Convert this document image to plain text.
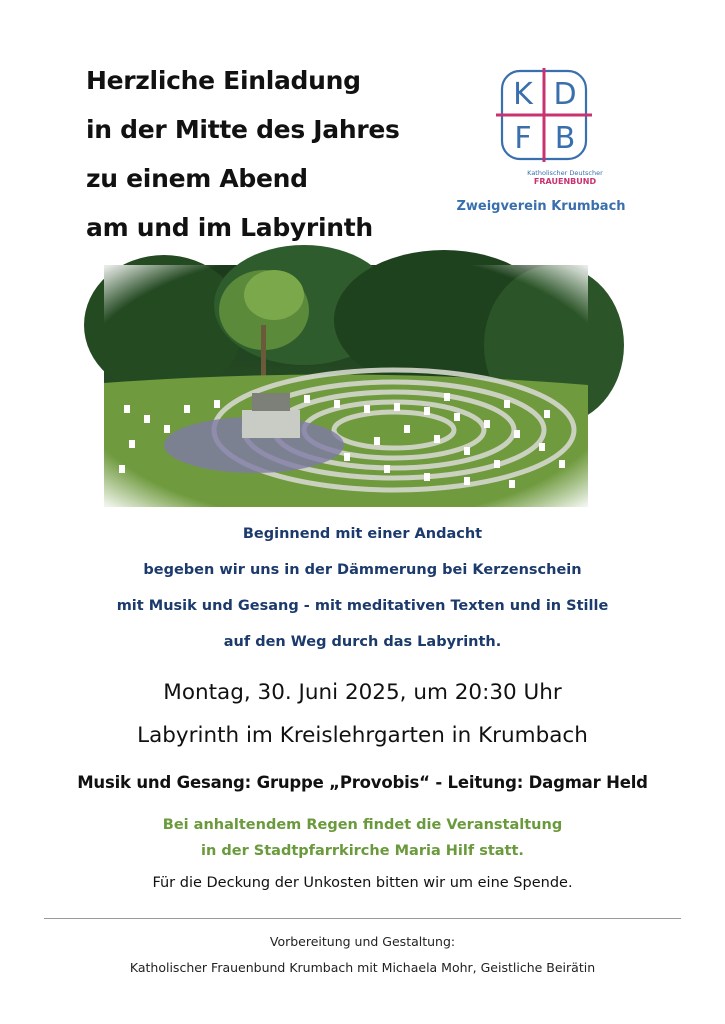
Herzliche Einladung
in der Mitte des Jahres
zu einem Abend
am und im Labyrinth
K D
F B
Katholischer Deutscher
FRAUENBUND
Zweigverein Krumbach
Beginnend mit einer Andacht
begeben wir uns in der Dämmerung bei Kerzenschein
mit Musik und Gesang - mit meditativen Texten und in Stille
auf den Weg durch das Labyrinth.
Montag, 30. Juni 2025, um 20:30 Uhr
Labyrinth im Kreislehrgarten in Krumbach
Musik und Gesang: Gruppe „Provobis“ - Leitung: Dagmar Held
Bei anhaltendem Regen findet die Veranstaltung
in der Stadtpfarrkirche Maria Hilf statt.
Für die Deckung der Unkosten bitten wir um eine Spende.
Vorbereitung und Gestaltung:
Katholischer Frauenbund Krumbach mit Michaela Mohr, Geistliche Beirätin
